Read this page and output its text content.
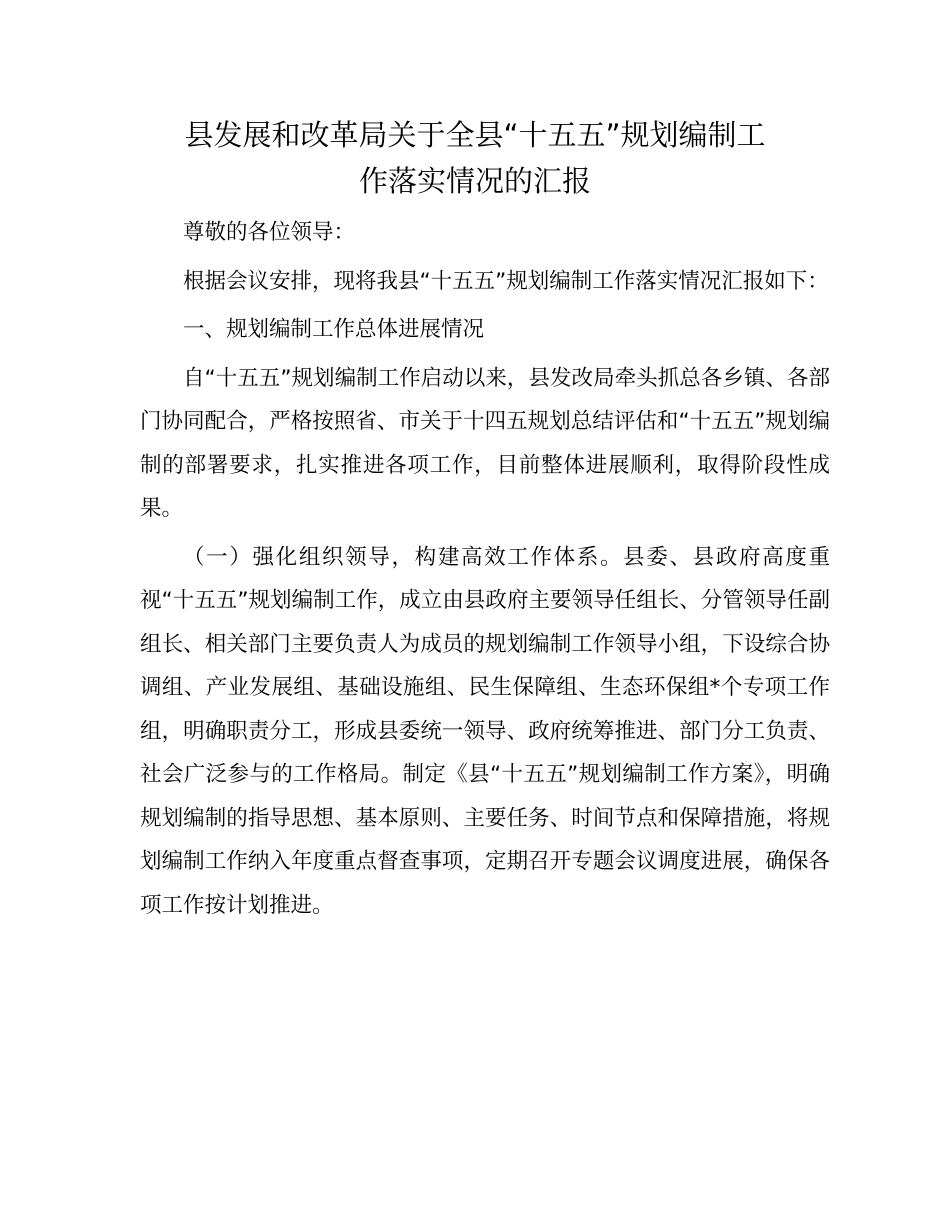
县发展和改革局关于全县“十五五”规划编制工
作落实情况的汇报

尊敬的各位领导：

根据会议安排，现将我县“十五五”规划编制工作落实情况汇报如下：

一、规划编制工作总体进展情况

自“十五五”规划编制工作启动以来，县发改局牵头抓总各乡镇、各部门协同配合，严格按照省、市关于十四五规划总结评估和“十五五”规划编制的部署要求，扎实推进各项工作，目前整体进展顺利，取得阶段性成果。

（一）强化组织领导，构建高效工作体系。县委、县政府高度重视“十五五”规划编制工作，成立由县政府主要领导任组长、分管领导任副组长、相关部门主要负责人为成员的规划编制工作领导小组，下设综合协调组、产业发展组、基础设施组、民生保障组、生态环保组*个专项工作组，明确职责分工，形成县委统一领导、政府统筹推进、部门分工负责、社会广泛参与的工作格局。制定《县“十五五”规划编制工作方案》，明确规划编制的指导思想、基本原则、主要任务、时间节点和保障措施，将规划编制工作纳入年度重点督查事项，定期召开专题会议调度进展，确保各项工作按计划推进。
